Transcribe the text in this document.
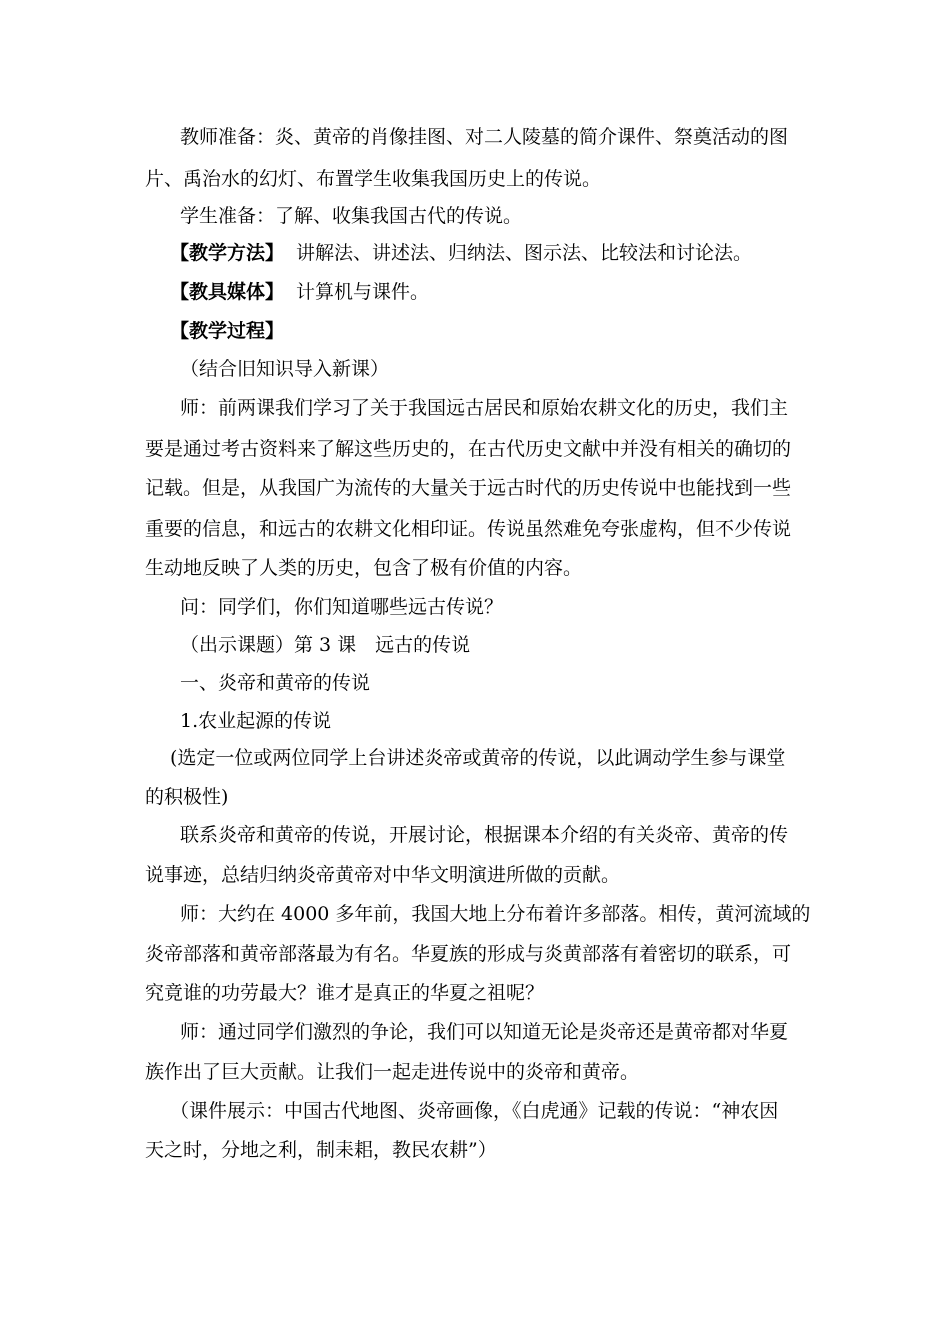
教师准备：炎、黄帝的肖像挂图、对二人陵墓的简介课件、祭奠活动的图
片、禹治水的幻灯、布置学生收集我国历史上的传说。
学生准备：了解、收集我国古代的传说。
【教学方法】 讲解法、讲述法、归纳法、图示法、比较法和讨论法。
【教具媒体】 计算机与课件。
【教学过程】
（结合旧知识导入新课）
师：前两课我们学习了关于我国远古居民和原始农耕文化的历史，我们主
要是通过考古资料来了解这些历史的，在古代历史文献中并没有相关的确切的
记载。但是，从我国广为流传的大量关于远古时代的历史传说中也能找到一些
重要的信息，和远古的农耕文化相印证。传说虽然难免夸张虚构，但不少传说
生动地反映了人类的历史，包含了极有价值的内容。
问：同学们，你们知道哪些远古传说？
（出示课题）第 3 课　远古的传说
一、炎帝和黄帝的传说
1.农业起源的传说
(选定一位或两位同学上台讲述炎帝或黄帝的传说，以此调动学生参与课堂
的积极性)
联系炎帝和黄帝的传说，开展讨论，根据课本介绍的有关炎帝、黄帝的传
说事迹，总结归纳炎帝黄帝对中华文明演进所做的贡献。
师：大约在 4000 多年前，我国大地上分布着许多部落。相传，黄河流域的
炎帝部落和黄帝部落最为有名。华夏族的形成与炎黄部落有着密切的联系，可
究竟谁的功劳最大？谁才是真正的华夏之祖呢？
师：通过同学们激烈的争论，我们可以知道无论是炎帝还是黄帝都对华夏
族作出了巨大贡献。让我们一起走进传说中的炎帝和黄帝。
（课件展示：中国古代地图、炎帝画像，《白虎通》记载的传说：“神农因
天之时，分地之利，制耒耜，教民农耕”）
